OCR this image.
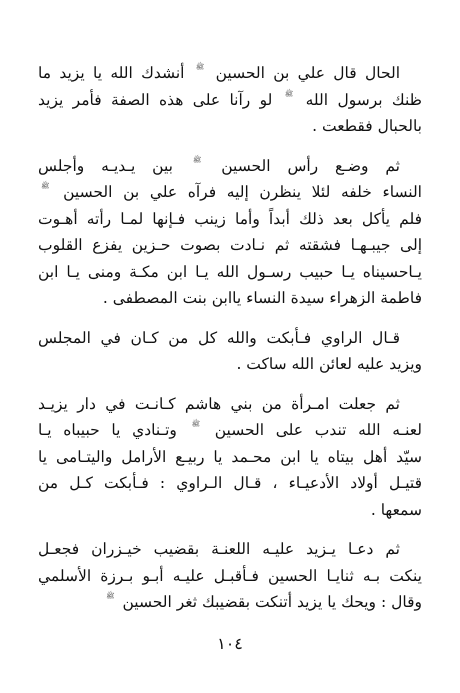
الحال قال علي بن الحسين ﷺ أنشدك الله يا يزيد ما
ظنك برسول الله ﷺ لو رآنا على هذه الصفة فأمر يزيد
بالحبال فقطعت .
ثم وضـع رأس الحسين ﷺ بين يـديـه وأجلس
النساء خلفه لئلا ينظرن إليه فرآه علي بن الحسين ﷺ
فلم يأكل بعد ذلك أبداً وأما زينب فـإنها لمـا رأته أهـوت
إلى جيبـهـا فشقته ثم نـادت بصوت حـزين يفزع القلوب
يـاحسيناه يـا حبيب رسـول الله يـا ابن مكـة ومنى يـا ابن
فاطمة الزهراء سيدة النساء ياابن بنت المصطفى .
قـال الراوي فـأبكت والله كل من كـان في المجلس
ويزيد عليه لعائن الله ساكت .
ثم جعلت امـرأة من بني هاشم كـانـت في دار يزيـد
لعنـه الله تندب على الحسين ﷺ وتـنادي يا حبيباه يـا
سيّد أهل بيتاه يا ابن محـمد يا ربيـع الأرامل واليتـامى يا
قتيـل أولاد الأدعيـاء ، قـال الـراوي : فـأبكت كـل من
سمعها .
ثم دعـا يـزيد عليـه اللعنـة بقضيب خيـزران فجعـل
ينكت بـه ثنايـا الحسين فـأقبـل عليـه أبـو بـرزة الأسلمي
وقال : ويحك يا يزيد أتنكت بقضيبك ثغر الحسين ﷺ
١٠٤
